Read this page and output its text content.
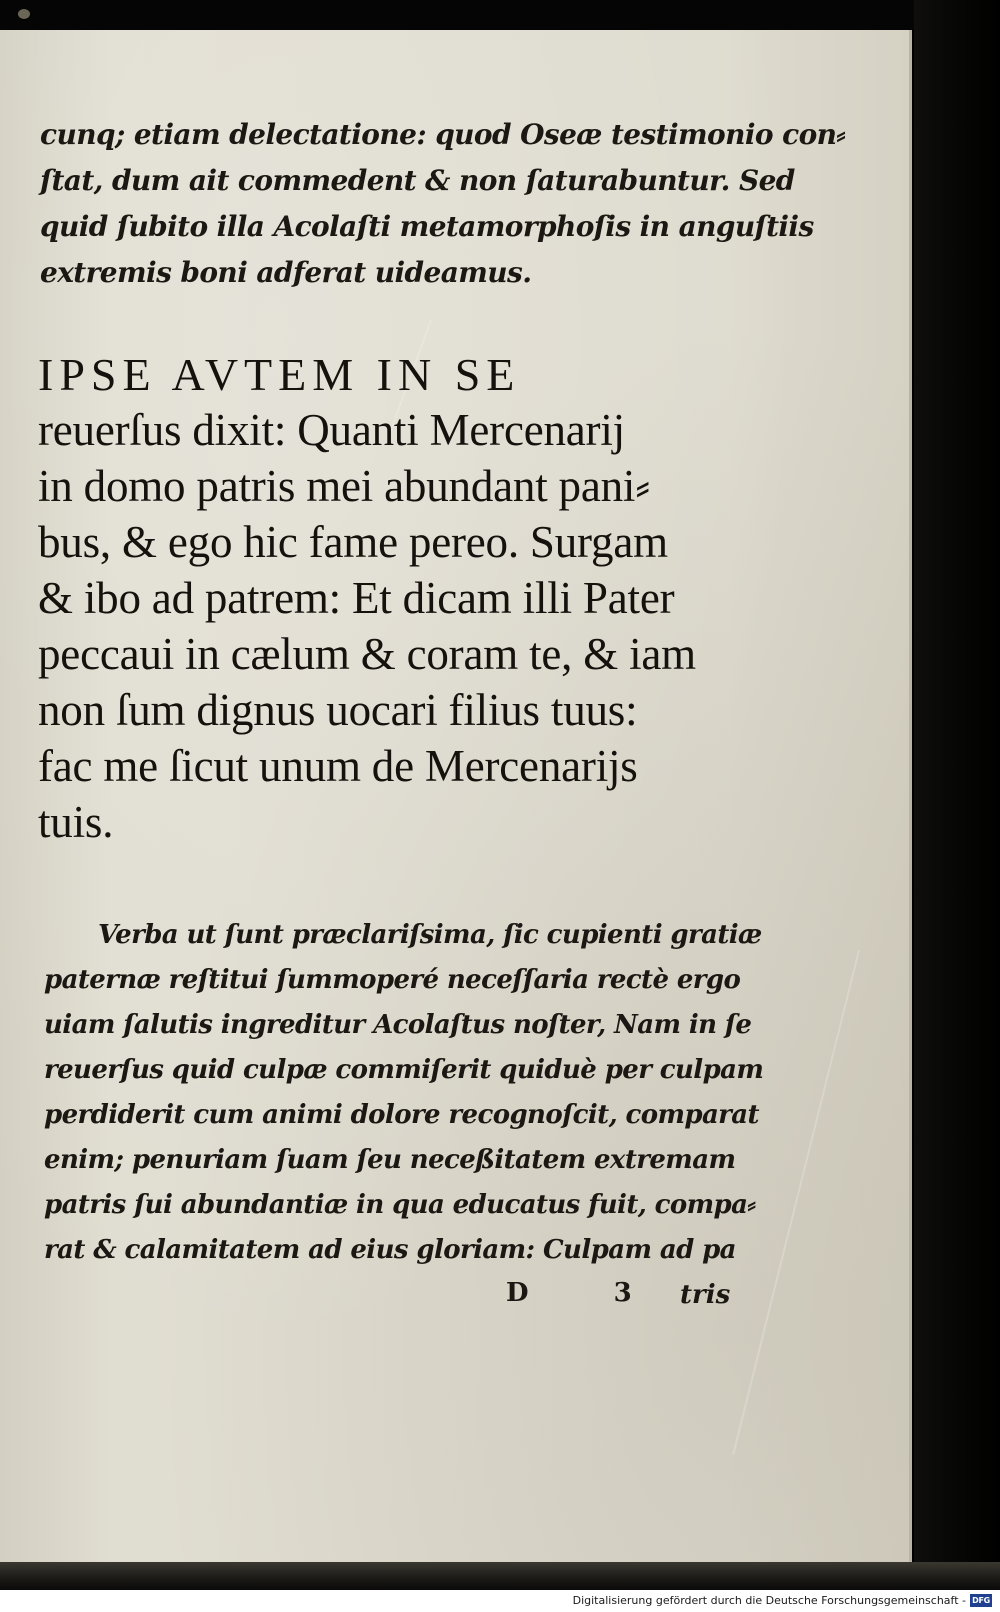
cunq; etiam delectatione: quod Oseæ testimonio con⸗
ſtat, dum ait commedent & non ſaturabuntur. Sed
quid ſubito illa Acolaſti metamorphoſis in anguſtiis
extremis boni adferat uideamus.
IPSE AVTEM IN SE
reuerſus dixit: Quanti Mercenarij
in domo patris mei abundant pani⸗
bus, & ego hic fame pereo. Surgam
& ibo ad patrem: Et dicam illi Pater
peccaui in cælum & coram te, & iam
non ſum dignus uocari filius tuus:
fac me ſicut unum de Mercenarijs
tuis.
Verba ut ſunt præclariſsima, ſic cupienti gratiæ
paternæ reſtitui ſummoperé neceſſaria rectè ergo
uiam ſalutis ingreditur Acolaſtus noſter, Nam in ſe
reuerſus quid culpæ commiſerit quiduè per culpam
perdiderit cum animi dolore recognoſcit, comparat
enim; penuriam ſuam ſeu neceßitatem extremam
patris ſui abundantiæ in qua educatus fuit, compa⸗
rat & calamitatem ad eius gloriam: Culpam ad pa
D 3 tris
Digitalisierung gefördert durch die Deutsche Forschungsgemeinschaft - DFG
